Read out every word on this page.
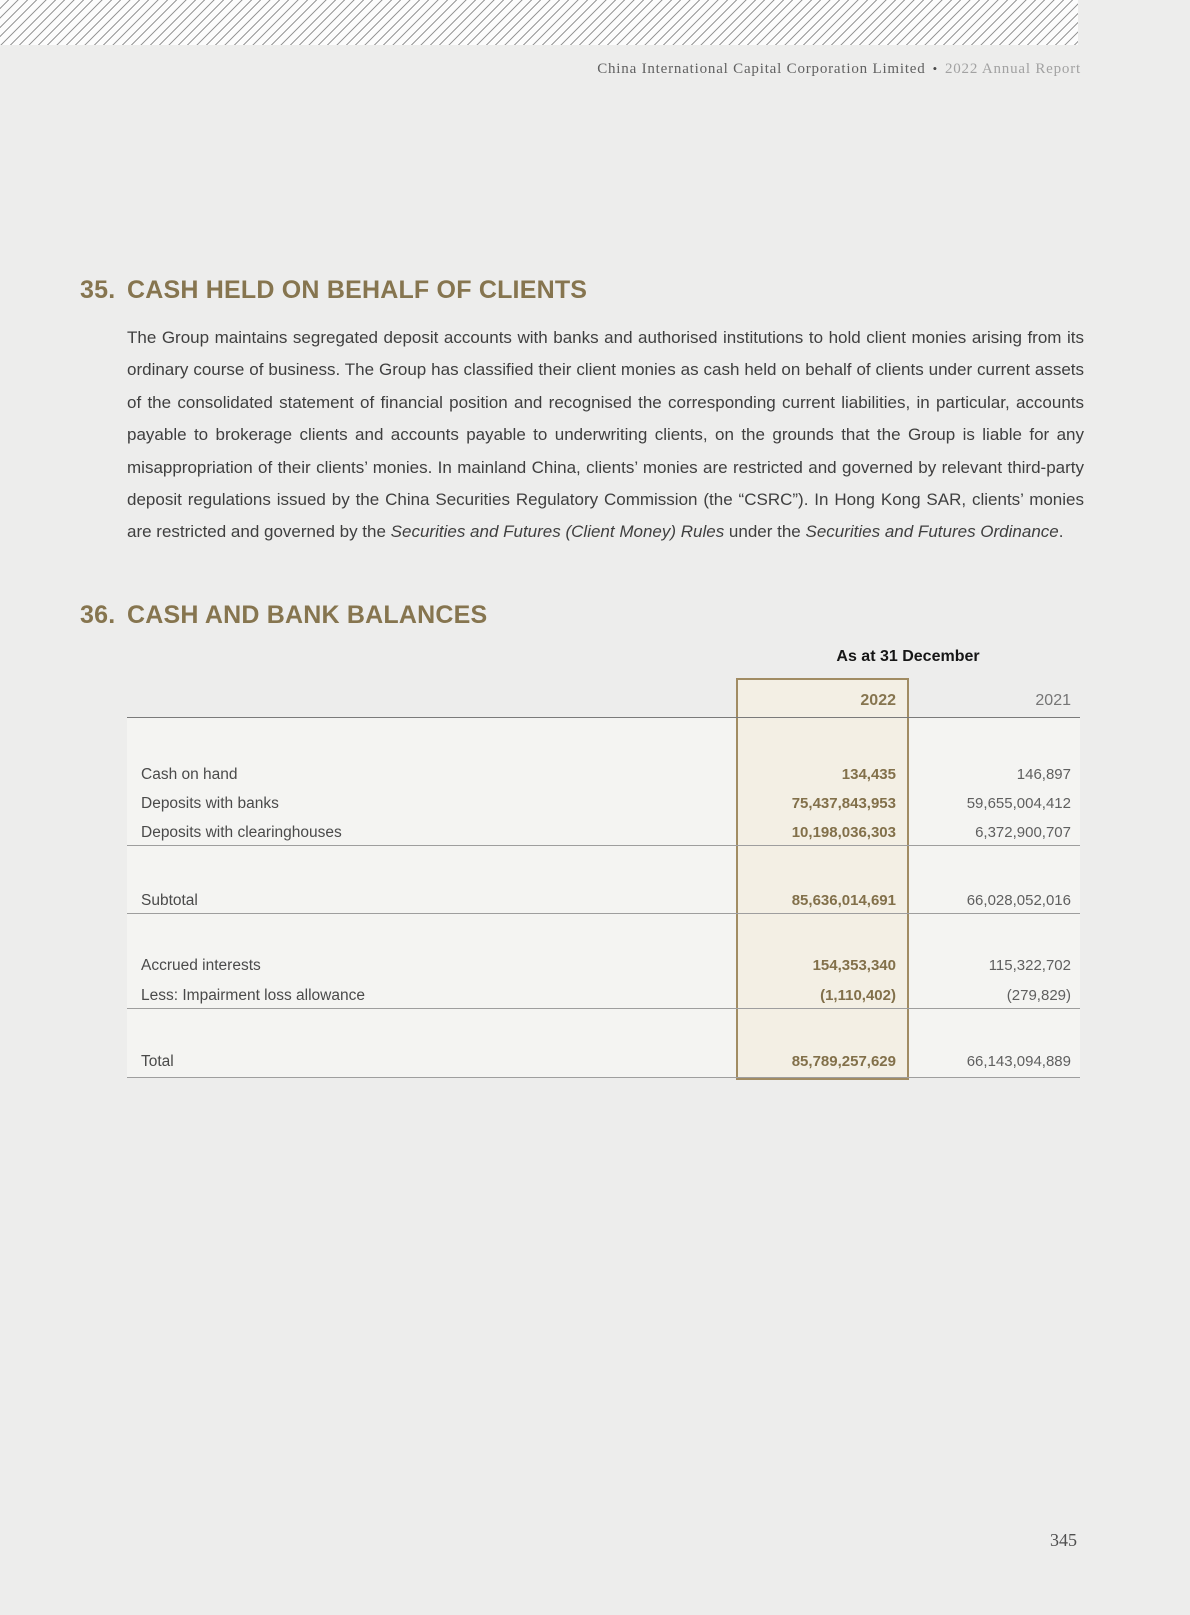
China International Capital Corporation Limited • 2022 Annual Report
35. CASH HELD ON BEHALF OF CLIENTS

The Group maintains segregated deposit accounts with banks and authorised institutions to hold client monies arising from its ordinary course of business. The Group has classified their client monies as cash held on behalf of clients under current assets of the consolidated statement of financial position and recognised the corresponding current liabilities, in particular, accounts payable to brokerage clients and accounts payable to underwriting clients, on the grounds that the Group is liable for any misappropriation of their clients’ monies. In mainland China, clients’ monies are restricted and governed by relevant third-party deposit regulations issued by the China Securities Regulatory Commission (the “CSRC”). In Hong Kong SAR, clients’ monies are restricted and governed by the Securities and Futures (Client Money) Rules under the Securities and Futures Ordinance.

36. CASH AND BANK BALANCES
As at 31 December
2022	2021
Cash on hand	134,435	146,897
Deposits with banks	75,437,843,953	59,655,004,412
Deposits with clearinghouses	10,198,036,303	6,372,900,707
Subtotal	85,636,014,691	66,028,052,016
Accrued interests	154,353,340	115,322,702
Less: Impairment loss allowance	(1,110,402)	(279,829)
Total	85,789,257,629	66,143,094,889
345
